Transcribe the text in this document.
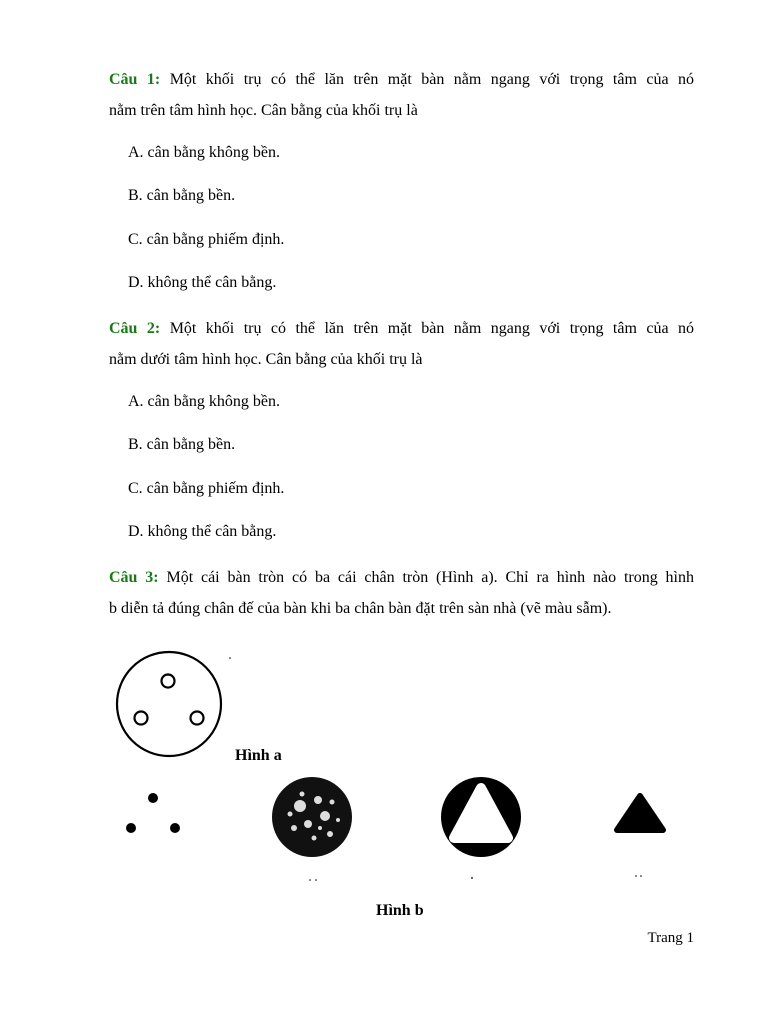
Câu 1: Một khối trụ có thể lăn trên mặt bàn nằm ngang với trọng tâm của nó

nằm trên tâm hình học. Cân bằng của khối trụ là

A. cân bằng không bền.

B. cân bằng bền.

C. cân bằng phiếm định.

D. không thể cân bằng.

Câu 2: Một khối trụ có thể lăn trên mặt bàn nằm ngang với trọng tâm của nó

nằm dưới tâm hình học. Cân bằng của khối trụ là

A. cân bằng không bền.

B. cân bằng bền.

C. cân bằng phiếm định.

D. không thể cân bằng.

Câu 3: Một cái bàn tròn có ba cái chân tròn (Hình a). Chỉ ra hình nào trong hình

b diễn tả đúng chân đế của bàn khi ba chân bàn đặt trên sàn nhà (vẽ màu sẫm).

Hình a
Hình b
Trang 1
